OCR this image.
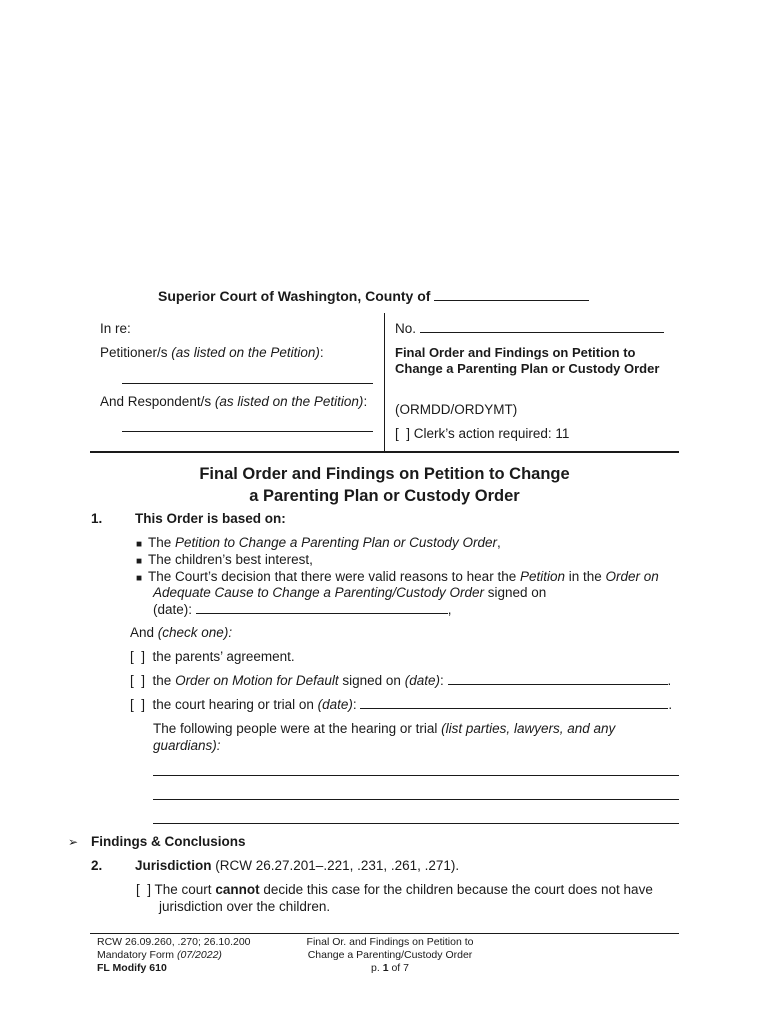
Superior Court of Washington, County of
In re:
Petitioner/s (as listed on the Petition):
And Respondent/s (as listed on the Petition):
No.
Final Order and Findings on Petition to Change a Parenting Plan or Custody Order
(ORMDD/ORDYMT)
[  ] Clerk’s action required: 11
Final Order and Findings on Petition to Change
a Parenting Plan or Custody Order
1. This Order is based on:
■ The Petition to Change a Parenting Plan or Custody Order,
■ The children’s best interest,
■ The Court’s decision that there were valid reasons to hear the Petition in the Order on
Adequate Cause to Change a Parenting/Custody Order signed on
(date):	,
And (check one):
[  ] the parents’ agreement.
[  ] the Order on Motion for Default signed on (date):	.
[  ] the court hearing or trial on (date):	.
The following people were at the hearing or trial (list parties, lawyers, and any
guardians):
➢ Findings & Conclusions
2. Jurisdiction (RCW 26.27.201–.221, .231, .261, .271).
[  ] The court cannot decide this case for the children because the court does not have
jurisdiction over the children.
RCW 26.09.260, .270; 26.10.200
Mandatory Form (07/2022)
FL Modify 610
Final Or. and Findings on Petition to
Change a Parenting/Custody Order
p. 1 of 7
